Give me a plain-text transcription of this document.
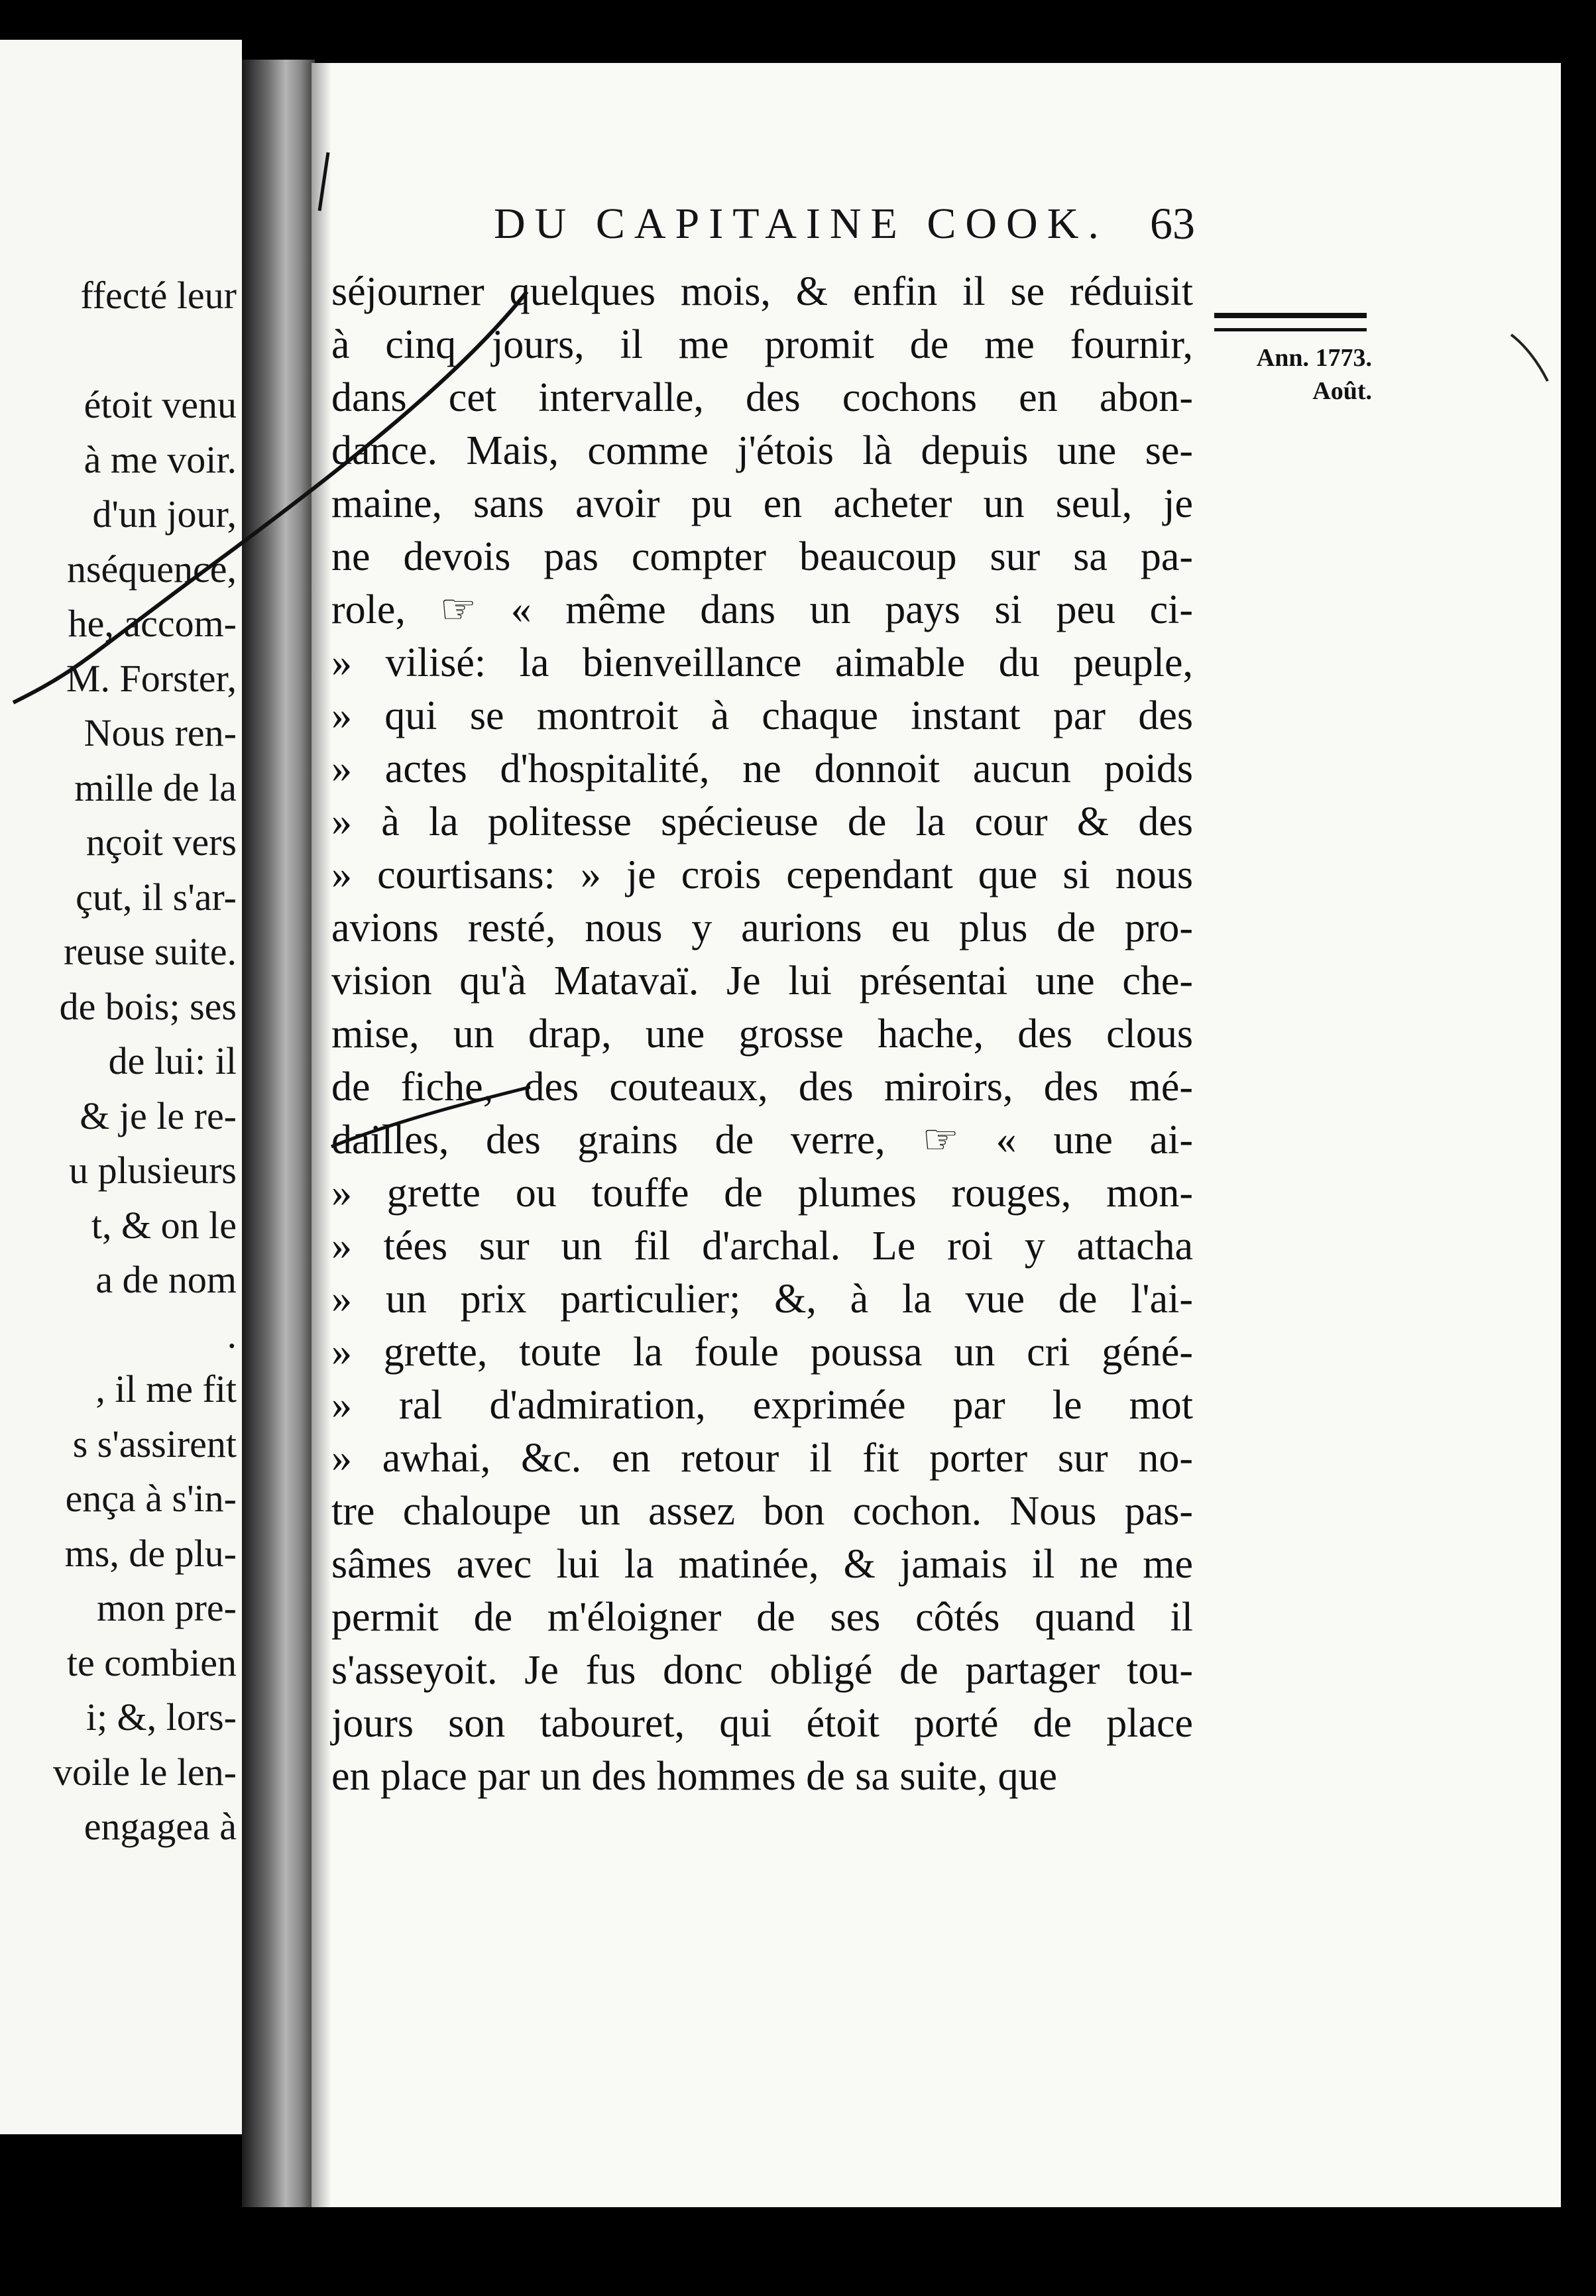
ffecté leur
étoit venu
à me voir.
d'un jour,
nséquence,
he, accom-
M. Forster,
Nous ren-
mille de la
nçoit vers
çut, il s'ar-
reuse suite.
de bois; ses
de lui: il
& je le re-
u plusieurs
t, & on le
a de nom
.
, il me fit
s s'assirent
ença à s'in-
ms, de plu-
mon pre-
te combien
i; &, lors-
voile le len-
engagea à
DU CAPITAINE COOK. 63
Ann. 1773.
Août.
séjourner quelques mois, & enfin il se réduisit
à cinq jours, il me promit de me fournir,
dans cet intervalle, des cochons en abon-
dance. Mais, comme j'étois là depuis une se-
maine, sans avoir pu en acheter un seul, je
ne devois pas compter beaucoup sur sa pa-
role, ☞ « même dans un pays si peu ci-
» vilisé: la bienveillance aimable du peuple,
» qui se montroit à chaque instant par des
» actes d'hospitalité, ne donnoit aucun poids
» à la politesse spécieuse de la cour & des
» courtisans: » je crois cependant que si nous
avions resté, nous y aurions eu plus de pro-
vision qu'à Matavaï. Je lui présentai une che-
mise, un drap, une grosse hache, des clous
de fiche, des couteaux, des miroirs, des mé-
dailles, des grains de verre, ☞ « une ai-
» grette ou touffe de plumes rouges, mon-
» tées sur un fil d'archal. Le roi y attacha
» un prix particulier; &, à la vue de l'ai-
» grette, toute la foule poussa un cri géné-
» ral d'admiration, exprimée par le mot
» awhai, &c. en retour il fit porter sur no-
tre chaloupe un assez bon cochon. Nous pas-
sâmes avec lui la matinée, & jamais il ne me
permit de m'éloigner de ses côtés quand il
s'asseyoit. Je fus donc obligé de partager tou-
jours son tabouret, qui étoit porté de place
en place par un des hommes de sa suite, que
